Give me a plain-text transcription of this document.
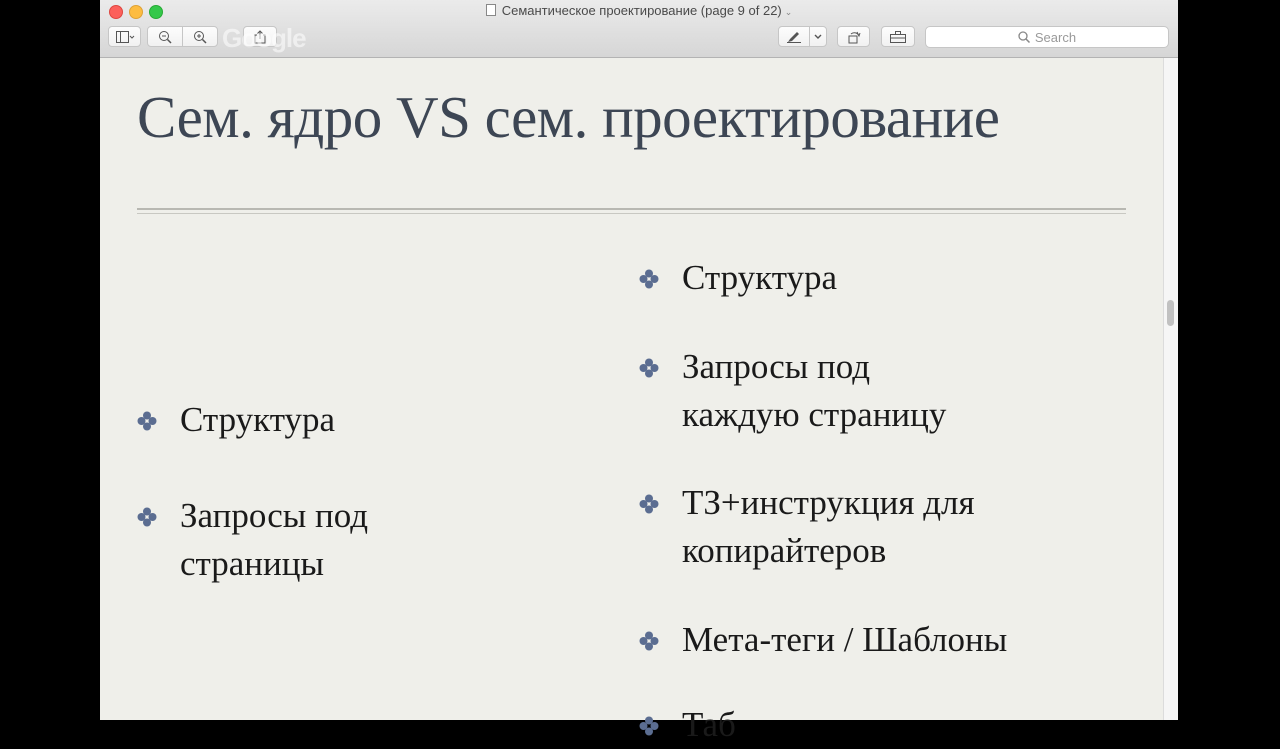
Семантическое проектирование (page 9 of 22) ⌄
Search
Google
Сем. ядро VS сем. проектирование
Структура
Запросы под
страницы
Структура
Запросы под
каждую страницу
ТЗ+инструкция для
копирайтеров
Мета-теги / Шаблоны
Таб
